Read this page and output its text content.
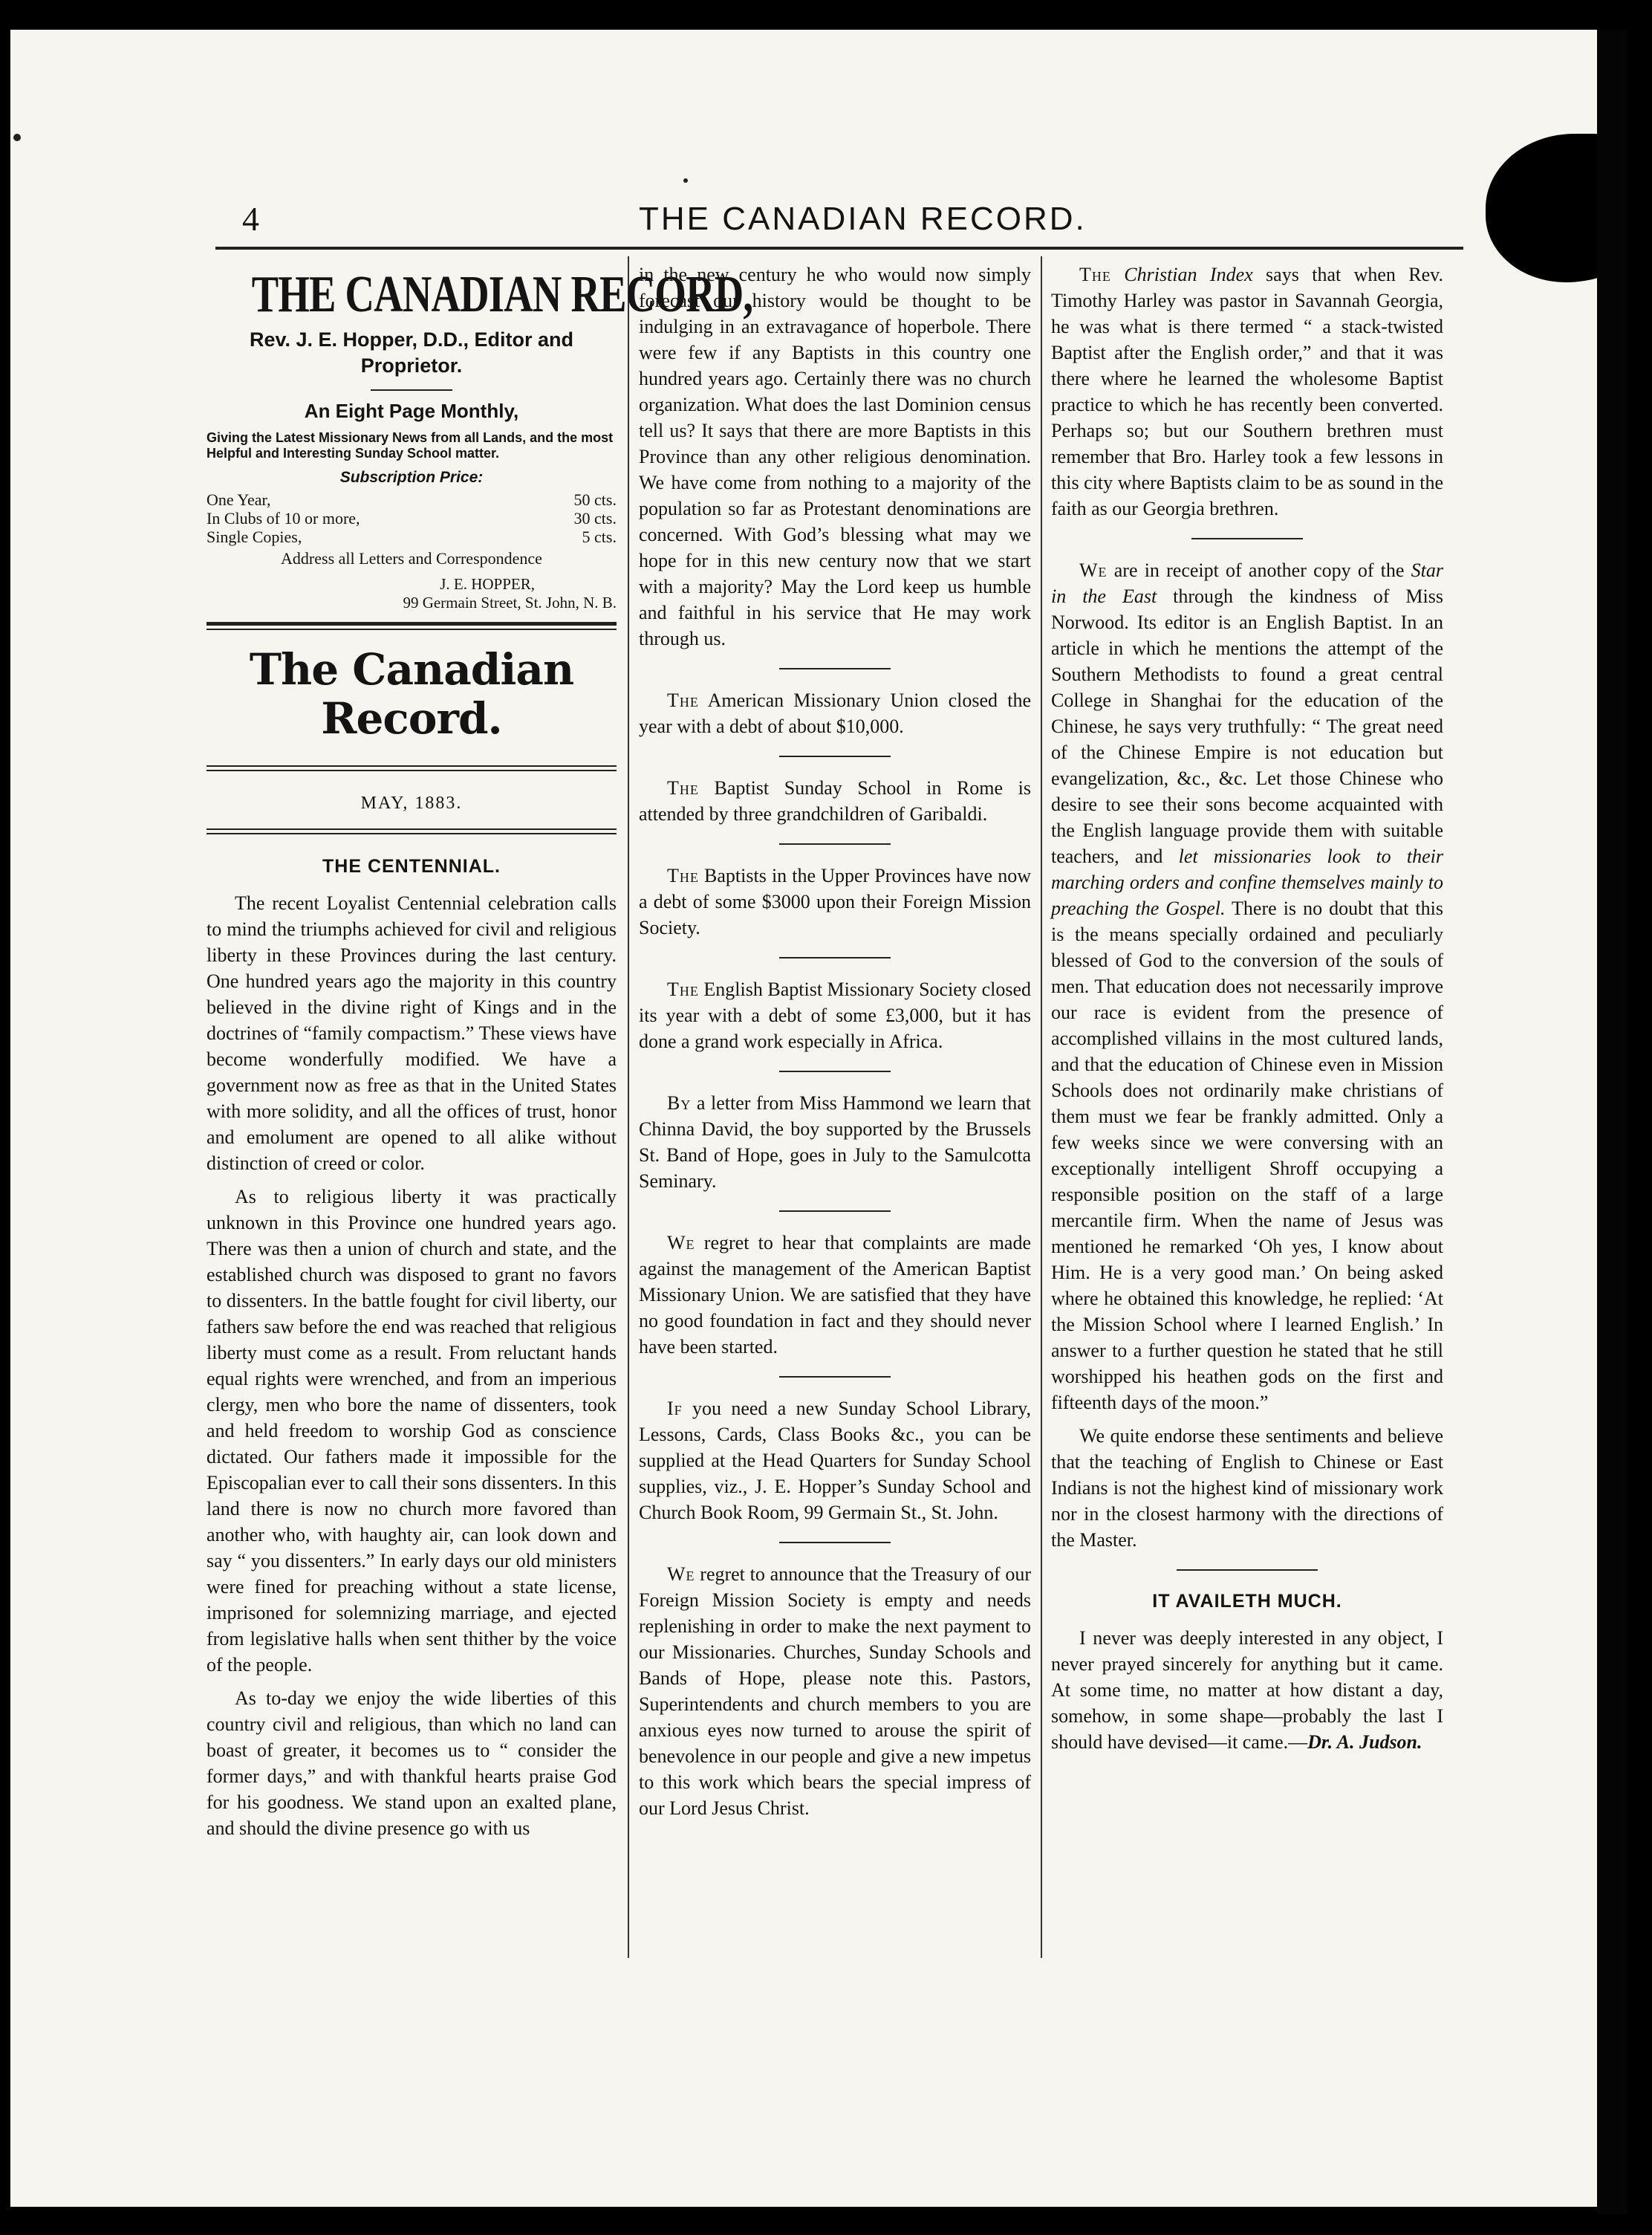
4	THE CANADIAN RECORD.
THE CANADIAN RECORD,
Rev. J. E. Hopper, D.D., Editor and Proprietor.
An Eight Page Monthly,
Giving the Latest Missionary News from all Lands, and the most Helpful and Interesting Sunday School matter.
Subscription Price:
One Year,	50 cts.
In Clubs of 10 or more,	30 cts.
Single Copies,	5 cts.
Address all Letters and Correspondence
J. E. HOPPER,
99 Germain Street, St. John, N. B.
The Canadian Record.
MAY, 1883.
THE CENTENNIAL.

The recent Loyalist Centennial celebration calls to mind the triumphs achieved for civil and religious liberty in these Provinces during the last century. One hundred years ago the majority in this country believed in the divine right of Kings and in the doctrines of “family compactism.” These views have become wonderfully modified. We have a government now as free as that in the United States with more solidity, and all the offices of trust, honor and emolument are opened to all alike without distinction of creed or color.

As to religious liberty it was practically unknown in this Province one hundred years ago. There was then a union of church and state, and the established church was disposed to grant no favors to dissenters. In the battle fought for civil liberty, our fathers saw before the end was reached that religious liberty must come as a result. From reluctant hands equal rights were wrenched, and from an imperious clergy, men who bore the name of dissenters, took and held freedom to worship God as conscience dictated. Our fathers made it impossible for the Episcopalian ever to call their sons dissenters. In this land there is now no church more favored than another who, with haughty air, can look down and say “ you dissenters.” In early days our old ministers were fined for preaching without a state license, imprisoned for solemnizing marriage, and ejected from legislative halls when sent thither by the voice of the people.

As to-day we enjoy the wide liberties of this country civil and religious, than which no land can boast of greater, it becomes us to “ consider the former days,” and with thankful hearts praise God for his goodness. We stand upon an exalted plane, and should the divine presence go with us

in the new century he who would now simply forecast our history would be thought to be indulging in an extravagance of hoperbole. There were few if any Baptists in this country one hundred years ago. Certainly there was no church organization. What does the last Dominion census tell us? It says that there are more Baptists in this Province than any other religious denomination. We have come from nothing to a majority of the population so far as Protestant denominations are concerned. With God’s blessing what may we hope for in this new century now that we start with a majority? May the Lord keep us humble and faithful in his service that He may work through us.

The American Missionary Union closed the year with a debt of about $10,000.

The Baptist Sunday School in Rome is attended by three grandchildren of Garibaldi.

The Baptists in the Upper Provinces have now a debt of some $3000 upon their Foreign Mission Society.

The English Baptist Missionary Society closed its year with a debt of some £3,000, but it has done a grand work especially in Africa.

By a letter from Miss Hammond we learn that Chinna David, the boy supported by the Brussels St. Band of Hope, goes in July to the Samulcotta Seminary.

We regret to hear that complaints are made against the management of the American Baptist Missionary Union. We are satisfied that they have no good foundation in fact and they should never have been started.

If you need a new Sunday School Library, Lessons, Cards, Class Books &c., you can be supplied at the Head Quarters for Sunday School supplies, viz., J. E. Hopper’s Sunday School and Church Book Room, 99 Germain St., St. John.

We regret to announce that the Treasury of our Foreign Mission Society is empty and needs replenishing in order to make the next payment to our Missionaries. Churches, Sunday Schools and Bands of Hope, please note this. Pastors, Superintendents and church members to you are anxious eyes now turned to arouse the spirit of benevolence in our people and give a new impetus to this work which bears the special impress of our Lord Jesus Christ.

The Christian Index says that when Rev. Timothy Harley was pastor in Savannah Georgia, he was what is there termed “ a stack-twisted Baptist after the English order,” and that it was there where he learned the wholesome Baptist practice to which he has recently been converted. Perhaps so; but our Southern brethren must remember that Bro. Harley took a few lessons in this city where Baptists claim to be as sound in the faith as our Georgia brethren.

We are in receipt of another copy of the Star in the East through the kindness of Miss Norwood. Its editor is an English Baptist. In an article in which he mentions the attempt of the Southern Methodists to found a great central College in Shanghai for the education of the Chinese, he says very truthfully: “ The great need of the Chinese Empire is not education but evangelization, &c., &c. Let those Chinese who desire to see their sons become acquainted with the English language provide them with suitable teachers, and let missionaries look to their marching orders and confine themselves mainly to preaching the Gospel. There is no doubt that this is the means specially ordained and peculiarly blessed of God to the conversion of the souls of men. That education does not necessarily improve our race is evident from the presence of accomplished villains in the most cultured lands, and that the education of Chinese even in Mission Schools does not ordinarily make christians of them must we fear be frankly admitted. Only a few weeks since we were conversing with an exceptionally intelligent Shroff occupying a responsible position on the staff of a large mercantile firm. When the name of Jesus was mentioned he remarked ‘Oh yes, I know about Him. He is a very good man.’ On being asked where he obtained this knowledge, he replied: ‘At the Mission School where I learned English.’ In answer to a further question he stated that he still worshipped his heathen gods on the first and fifteenth days of the moon.”

We quite endorse these sentiments and believe that the teaching of English to Chinese or East Indians is not the highest kind of missionary work nor in the closest harmony with the directions of the Master.

IT AVAILETH MUCH.

I never was deeply interested in any object, I never prayed sincerely for anything but it came. At some time, no matter at how distant a day, somehow, in some shape—probably the last I should have devised—it came.—Dr. A. Judson.
